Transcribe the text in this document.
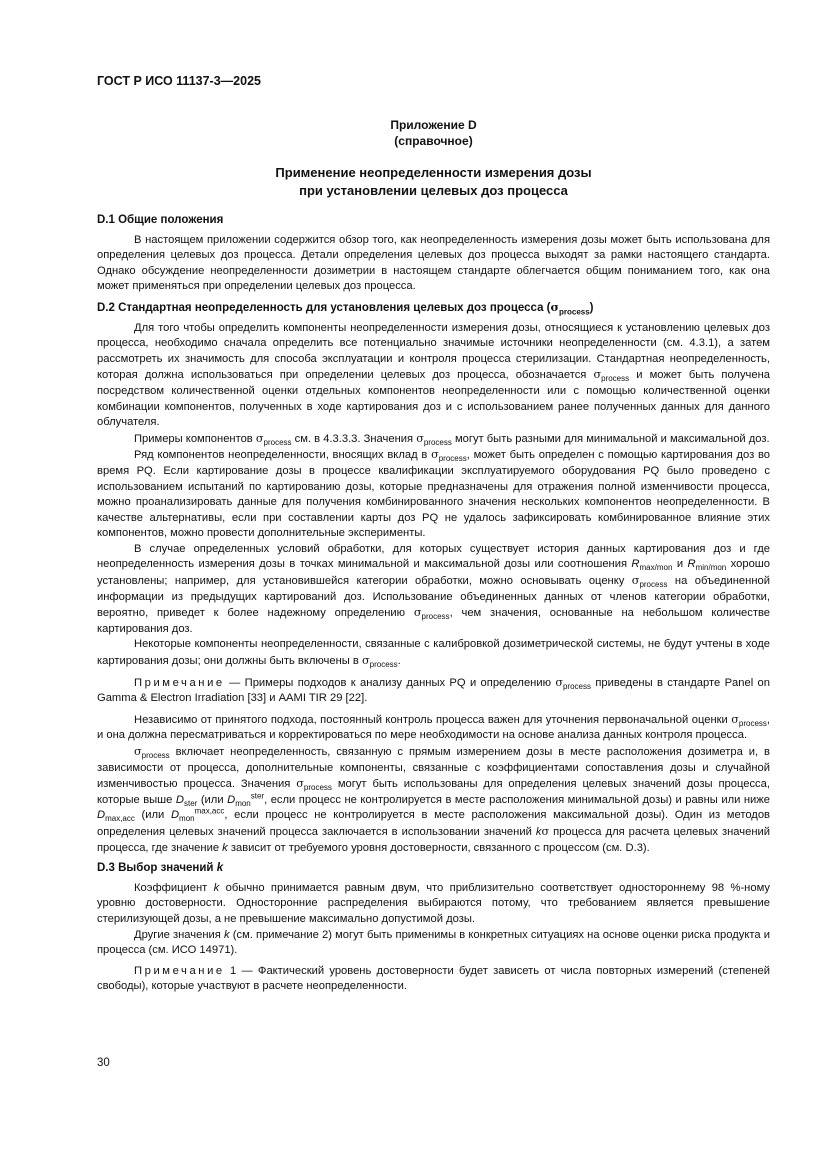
ГОСТ Р ИСО 11137-3—2025
Приложение D
(справочное)
Применение неопределенности измерения дозы
при установлении целевых доз процесса
D.1 Общие положения

В настоящем приложении содержится обзор того, как неопределенность измерения дозы может быть использована для определения целевых доз процесса. Детали определения целевых доз процесса выходят за рамки настоящего стандарта. Однако обсуждение неопределенности дозиметрии в настоящем стандарте облегчается общим пониманием того, как она может применяться при определении целевых доз процесса.

D.2 Стандартная неопределенность для установления целевых доз процесса $(\sigma_{process})$

Для того чтобы определить компоненты неопределенности измерения дозы, относящиеся к установлению целевых доз процесса, необходимо сначала определить все потенциально значимые источники неопределенности (см. 4.3.1), а затем рассмотреть их значимость для способа эксплуатации и контроля процесса стерилизации. Стандартная неопределенность, которая должна использоваться при определении целевых доз процесса, обозначается $\sigma_{process}$ и может быть получена посредством количественной оценки отдельных компонентов неопределенности или с помощью количественной оценки комбинации компонентов, полученных в ходе картирования доз и с использованием ранее полученных данных для данного облучателя.

Примеры компонентов $\sigma_{process}$ см. в 4.3.3.3. Значения $\sigma_{process}$ могут быть разными для минимальной и максимальной доз.

Ряд компонентов неопределенности, вносящих вклад в $\sigma_{process}$, может быть определен с помощью картирования доз во время PQ. Если картирование дозы в процессе квалификации эксплуатируемого оборудования PQ было проведено с использованием испытаний по картированию дозы, которые предназначены для отражения полной изменчивости процесса, можно проанализировать данные для получения комбинированного значения нескольких компонентов неопределенности. В качестве альтернативы, если при составлении карты доз PQ не удалось зафиксировать комбинированное влияние этих компонентов, можно провести дополнительные эксперименты.

В случае определенных условий обработки, для которых существует история данных картирования доз и где неопределенность измерения дозы в точках минимальной и максимальной дозы или соотношения $R_{max/mon}$ и $R_{min/mon}$ хорошо установлены; например, для установившейся категории обработки, можно основывать оценку $\sigma_{process}$ на объединенной информации из предыдущих картирований доз. Использование объединенных данных от членов категории обработки, вероятно, приведет к более надежному определению $\sigma_{process}$, чем значения, основанные на небольшом количестве картирования доз.

Некоторые компоненты неопределенности, связанные с калибровкой дозиметрической системы, не будут учтены в ходе картирования дозы; они должны быть включены в $\sigma_{process}$.

Примечание — Примеры подходов к анализу данных PQ и определению $\sigma_{process}$ приведены в стандарте Panel on Gamma & Electron Irradiation [33] и AAMI TIR 29 [22].

Независимо от принятого подхода, постоянный контроль процесса важен для уточнения первоначальной оценки $\sigma_{process}$, и она должна пересматриваться и корректироваться по мере необходимости на основе анализа данных контроля процесса.

$\sigma_{process}$ включает неопределенность, связанную с прямым измерением дозы в месте расположения дозиметра и, в зависимости от процесса, дополнительные компоненты, связанные с коэффициентами сопоставления дозы и случайной изменчивостью процесса. Значения $\sigma_{process}$ могут быть использованы для определения целевых значений дозы процесса, которые выше $D_{ster}$ (или $D_{mon}^{ster}$, если процесс не контролируется в месте расположения минимальной дозы) и равны или ниже $D_{max,acc}$ (или $D_{mon}^{max,acc}$, если процесс не контролируется в месте расположения максимальной дозы). Один из методов определения целевых значений процесса заключается в использовании значений kσ процесса для расчета целевых значений процесса, где значение k зависит от требуемого уровня достоверности, связанного с процессом (см. D.3).

D.3 Выбор значений k

Коэффициент k обычно принимается равным двум, что приблизительно соответствует одностороннему 98 %-ному уровню достоверности. Односторонние распределения выбираются потому, что требованием является превышение стерилизующей дозы, а не превышение максимально допустимой дозы.

Другие значения k (см. примечание 2) могут быть применимы в конкретных ситуациях на основе оценки риска продукта и процесса (см. ИСО 14971).

Примечание 1 — Фактический уровень достоверности будет зависеть от числа повторных измерений (степеней свободы), которые участвуют в расчете неопределенности.

30
